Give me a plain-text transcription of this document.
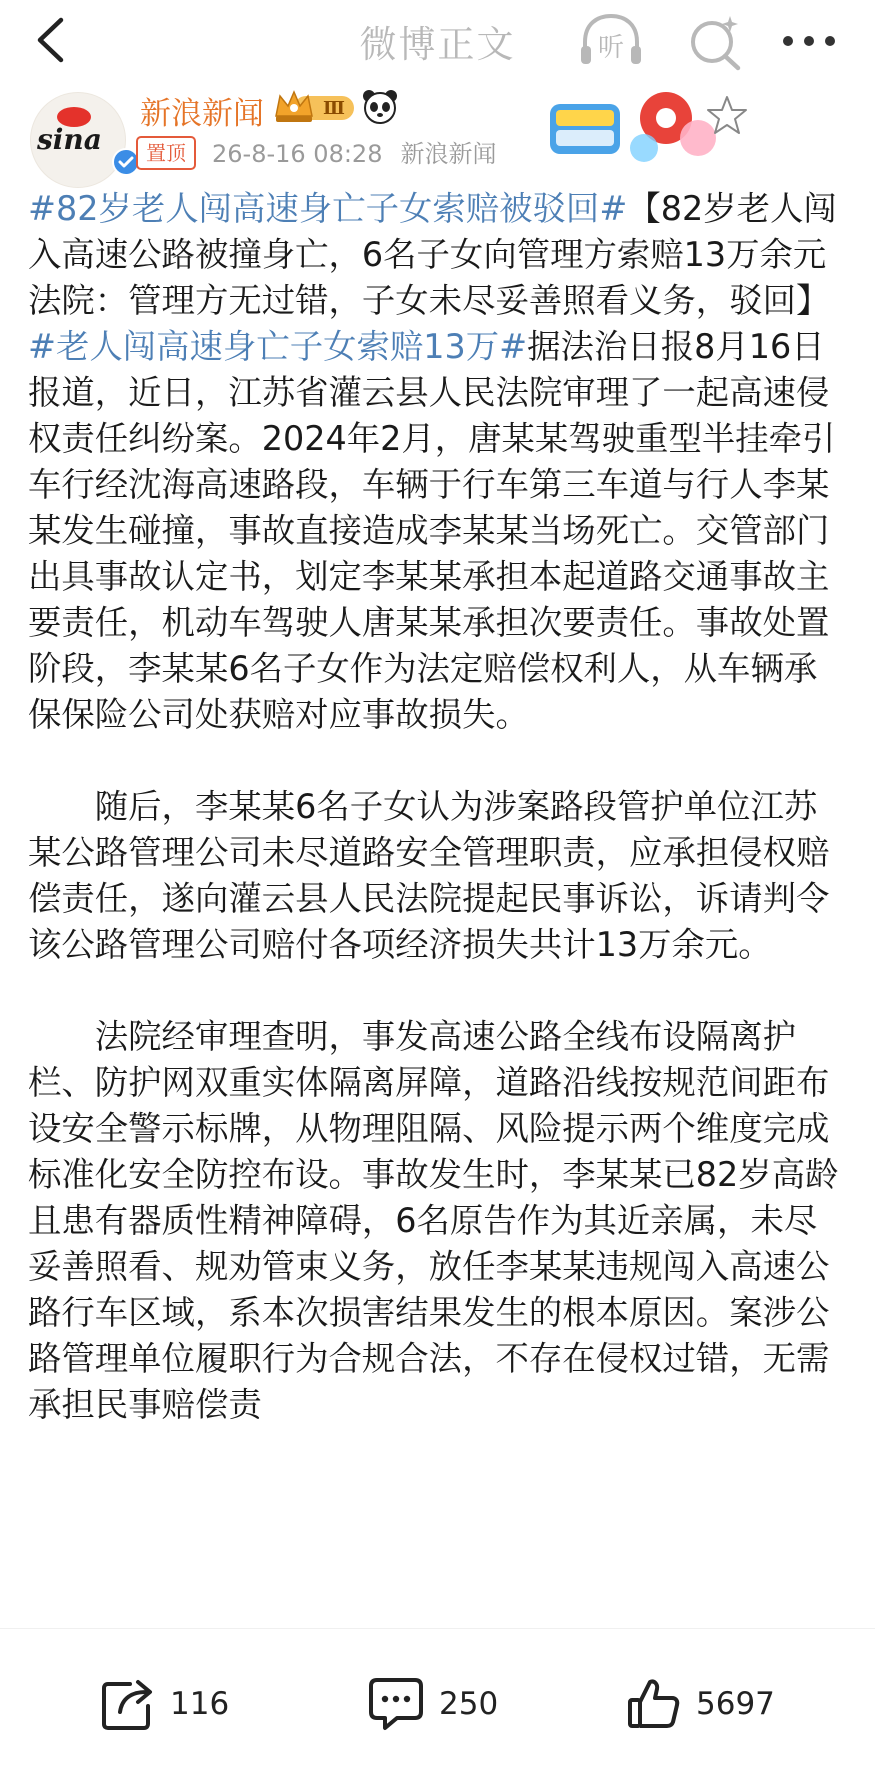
微博正文	听
sina
新浪新闻	Ⅲ
置顶	26-8-16 08:28 新浪新闻

#82岁老人闯高速身亡子女索赔被驳回#【82岁老人闯入高速公路被撞身亡，6名子女向管理方索赔13万余元 法院：管理方无过错，子女未尽妥善照看义务，驳回】#老人闯高速身亡子女索赔13万#据法治日报8月16日报道，近日，江苏省灌云县人民法院审理了一起高速侵权责任纠纷案。2024年2月，唐某某驾驶重型半挂牵引车行经沈海高速路段，车辆于行车第三车道与行人李某某发生碰撞，事故直接造成李某某当场死亡。交管部门出具事故认定书，划定李某某承担本起道路交通事故主要责任，机动车驾驶人唐某某承担次要责任。事故处置阶段，李某某6名子女作为法定赔偿权利人，从车辆承保保险公司处获赔对应事故损失。

　　随后，李某某6名子女认为涉案路段管护单位江苏某公路管理公司未尽道路安全管理职责，应承担侵权赔偿责任，遂向灌云县人民法院提起民事诉讼，诉请判令该公路管理公司赔付各项经济损失共计13万余元。

　　法院经审理查明，事发高速公路全线布设隔离护栏、防护网双重实体隔离屏障，道路沿线按规范间距布设安全警示标牌，从物理阻隔、风险提示两个维度完成标准化安全防控布设。事故发生时，李某某已82岁高龄且患有器质性精神障碍，6名原告作为其近亲属，未尽妥善照看、规劝管束义务，放任李某某违规闯入高速公路行车区域，系本次损害结果发生的根本原因。案涉公路管理单位履职行为合规合法，不存在侵权过错，无需承担民事赔偿责

116	250	5697
